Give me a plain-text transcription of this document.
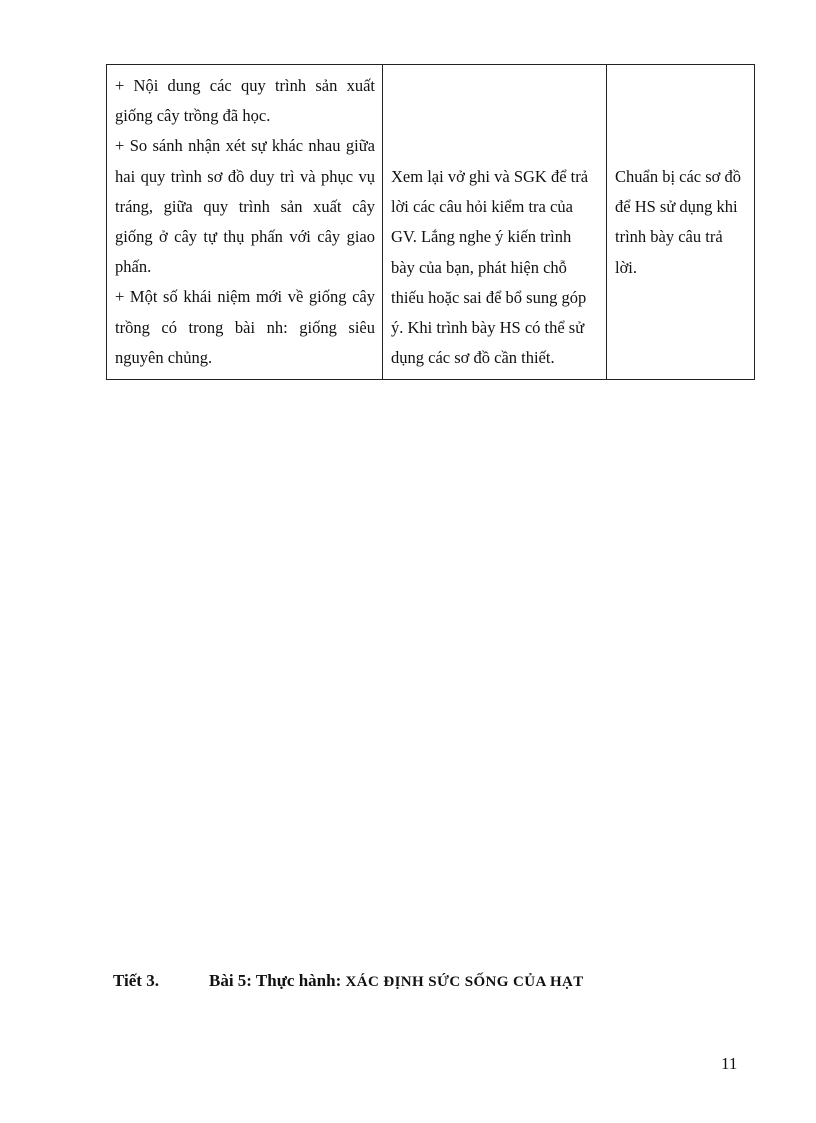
+ Nội dung các quy trình sản xuất giống cây trồng đã học.
+ So sánh nhận xét sự khác nhau giữa hai quy trình sơ đồ duy trì và phục vụ tráng, giữa quy trình sản xuất cây giống ở cây tự thụ phấn với cây giao phấn.
+ Một số khái niệm mới về giống cây trồng có trong bài nh: giống siêu nguyên chủng.

Xem lại vở ghi và SGK để trả lời các câu hỏi kiểm tra của GV. Lắng nghe ý kiến trình bày của bạn, phát hiện chỗ thiếu hoặc sai để bổ sung góp ý. Khi trình bày HS có thể sử dụng các sơ đồ cần thiết.

Chuẩn bị các sơ đồ để HS sử dụng khi trình bày câu trả lời.
Tiết 3.	Bài 5: Thực hành: XÁC ĐỊNH SỨC SỐNG CỦA HẠT
11
